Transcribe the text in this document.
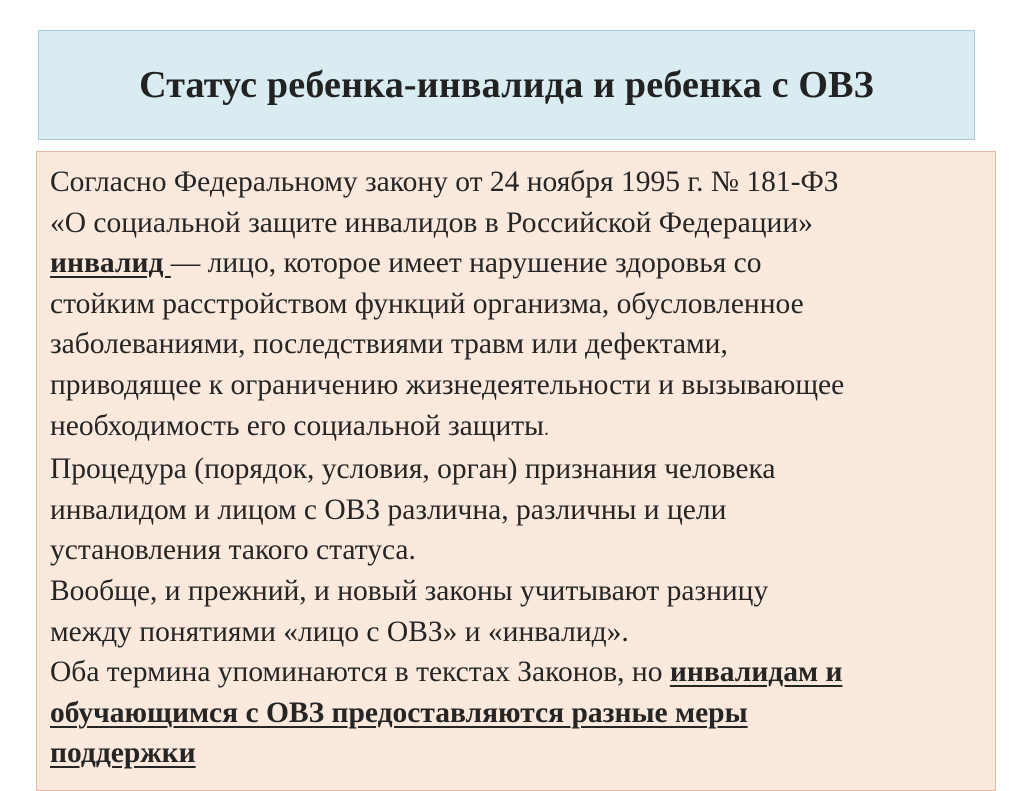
Статус ребенка-инвалида и ребенка с ОВЗ

Согласно Федеральному закону от 24 ноября 1995 г. № 181-ФЗ
«О социальной защите инвалидов в Российской Федерации»
инвалид — лицо, которое имеет нарушение здоровья со
стойким расстройством функций организма, обусловленное
заболеваниями, последствиями травм или дефектами,
приводящее к ограничению жизнедеятельности и вызывающее
необходимость его социальной защиты.
Процедура (порядок, условия, орган) признания человека
инвалидом и лицом с ОВЗ различна, различны и цели
установления такого статуса.
Вообще, и прежний, и новый законы учитывают разницу
между понятиями «лицо с ОВЗ» и «инвалид».
Оба термина упоминаются в текстах Законов, но инвалидам и
обучающимся с ОВЗ предоставляются разные меры
поддержки
